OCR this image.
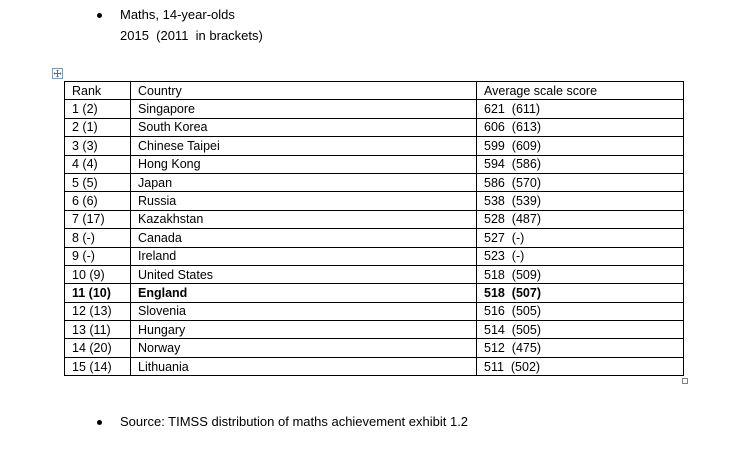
Maths, 14-year-olds
2015  (2011  in brackets)
Rank	Country	Average scale score
1 (2)	Singapore	621  (611)
2 (1)	South Korea	606  (613)
3 (3)	Chinese Taipei	599  (609)
4 (4)	Hong Kong	594  (586)
5 (5)	Japan	586  (570)
6 (6)	Russia	538  (539)
7 (17)	Kazakhstan	528  (487)
8 (-)	Canada	527  (-)
9 (-)	Ireland	523  (-)
10 (9)	United States	518  (509)
11 (10)	England	518  (507)
12 (13)	Slovenia	516  (505)
13 (11)	Hungary	514  (505)
14 (20)	Norway	512  (475)
15 (14)	Lithuania	511  (502)
Source: TIMSS distribution of maths achievement exhibit 1.2
